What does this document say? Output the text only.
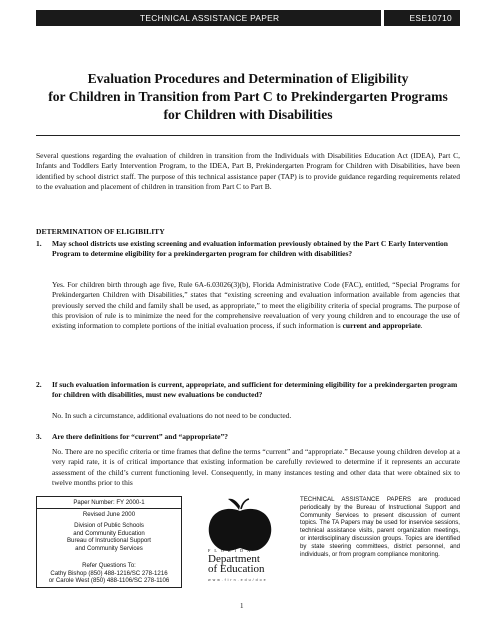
TECHNICAL ASSISTANCE PAPER	ESE10710
Evaluation Procedures and Determination of Eligibility
for Children in Transition from Part C to Prekindergarten Programs
for Children with Disabilities

Several questions regarding the evaluation of children in transition from the Individuals with Disabilities Education Act (IDEA), Part C, Infants and Toddlers Early Intervention Program, to the IDEA, Part B, Prekindergarten Program for Children with Disabilities, have been identified by school district staff. The purpose of this technical assistance paper (TAP) is to provide guidance regarding requirements related to the evaluation and placement of children in transition from Part C to Part B.

DETERMINATION OF ELIGIBILITY
1. May school districts use existing screening and evaluation information previously obtained by the Part C Early Intervention Program to determine eligibility for a prekindergarten program for children with disabilities?

Yes. For children birth through age five, Rule 6A-6.03026(3)(b), Florida Administrative Code (FAC), entitled, “Special Programs for Prekindergarten Children with Disabilities,” states that “existing screening and evaluation information available from agencies that previously served the child and family shall be used, as appropriate,” to meet the eligibility criteria of special programs. The purpose of this provision of rule is to minimize the need for the comprehensive reevaluation of very young children and to encourage the use of existing information to complete portions of the initial evaluation process, if such information is current and appropriate.

2. If such evaluation information is current, appropriate, and sufficient for determining eligibility for a prekindergarten program for children with disabilities, must new evaluations be conducted?

No. In such a circumstance, additional evaluations do not need to be conducted.

3. Are there definitions for “current” and “appropriate”?

No. There are no specific criteria or time frames that define the terms “current” and “appropriate.” Because young children develop at a very rapid rate, it is of critical importance that existing information be carefully reviewed to determine if it represents an accurate assessment of the child’s current functioning level. Consequently, in many instances testing and other data that were obtained six to twelve months prior to this

Paper Number: FY 2000-1
Revised June 2000
Division of Public Schools
and Community Education
Bureau of Instructional Support
and Community Services
Refer Questions To:
Cathy Bishop (850) 488-1216/SC 278-1216
or Carole West (850) 488-1106/SC 278-1106
FLORIDA
Department
of Education
www.firn.edu/doe

TECHNICAL ASSISTANCE PAPERS are produced periodically by the Bureau of Instructional Support and Community Services to present discussion of current topics. The TA Papers may be used for inservice sessions, technical assistance visits, parent organization meetings, or interdisciplinary discussion groups. Topics are identified by state steering committees, district personnel, and individuals, or from program compliance monitoring.

1
